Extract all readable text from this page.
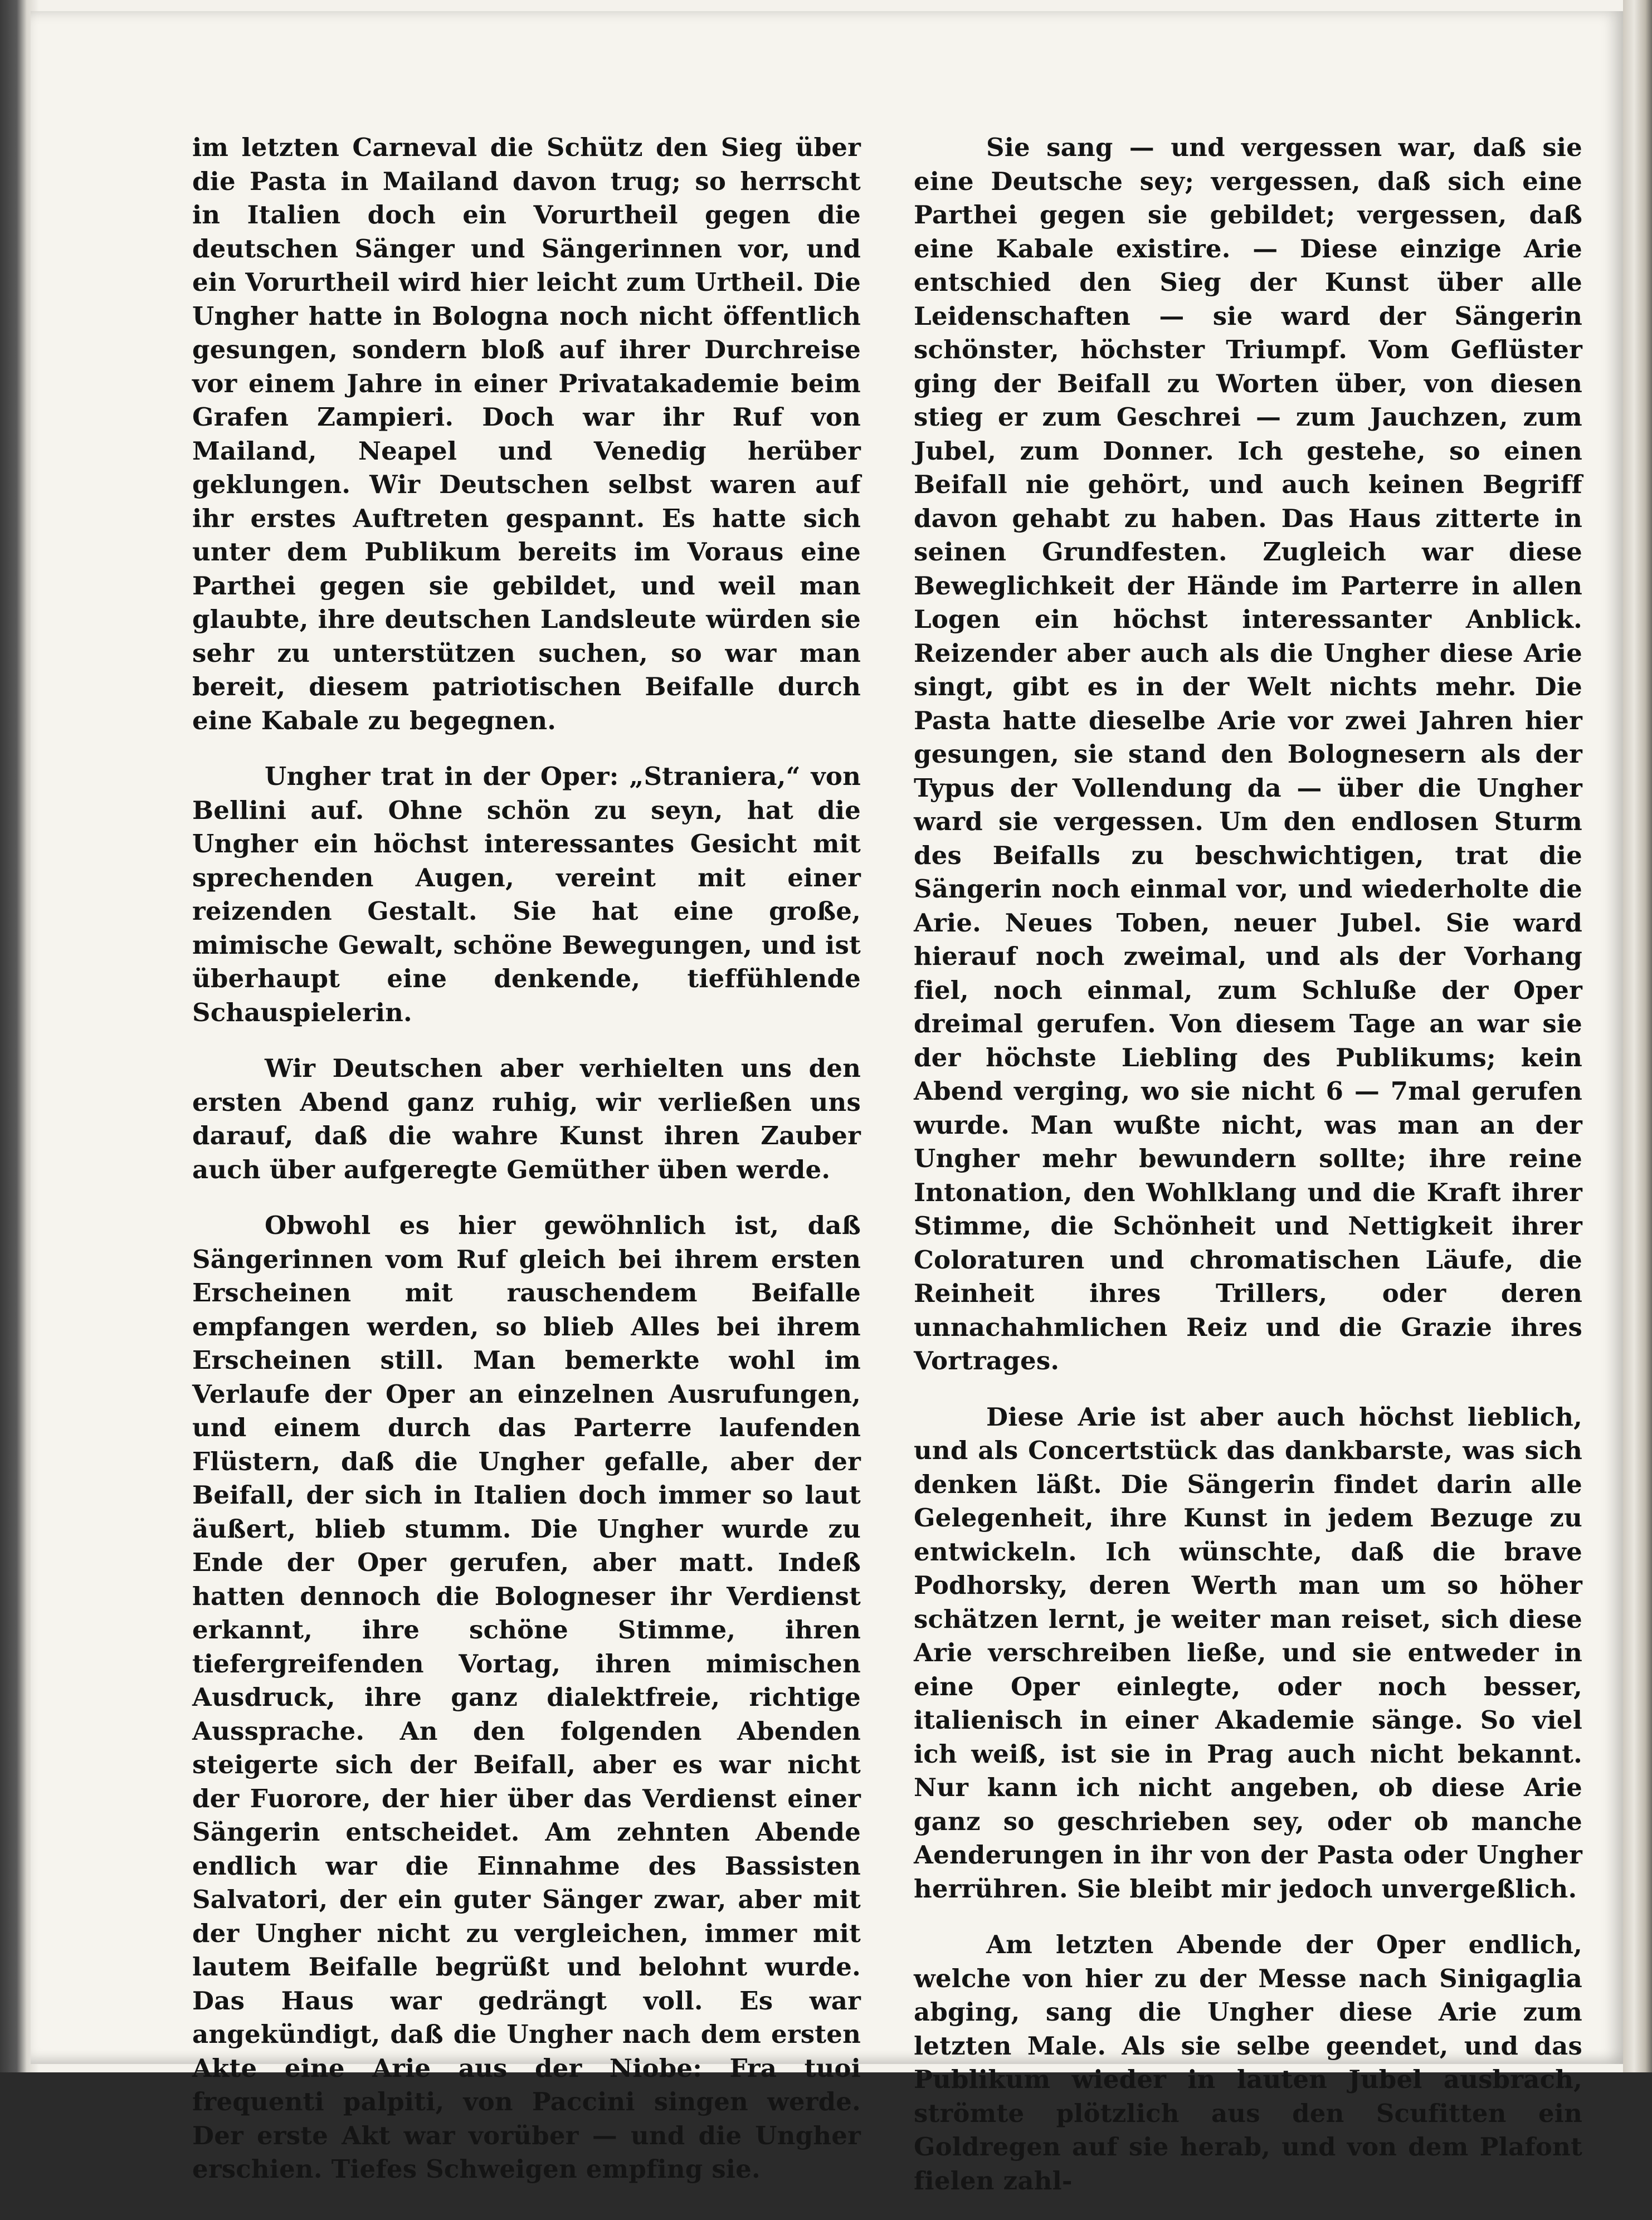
im letzten Carneval die Schütz den Sieg über die Pasta in Mailand davon trug; so herrscht in Italien doch ein Vorurtheil gegen die deutschen Sänger und Sängerinnen vor, und ein Vorurtheil wird hier leicht zum Urtheil. Die Ungher hatte in Bologna noch nicht öffentlich gesungen, sondern bloß auf ihrer Durchreise vor einem Jahre in einer Privatakademie beim Grafen Zampieri. Doch war ihr Ruf von Mailand, Neapel und Venedig herüber geklungen. Wir Deutschen selbst waren auf ihr erstes Auftreten gespannt. Es hatte sich unter dem Publikum bereits im Voraus eine Parthei gegen sie gebildet, und weil man glaubte, ihre deutschen Landsleute würden sie sehr zu unterstützen suchen, so war man bereit, diesem patriotischen Beifalle durch eine Kabale zu begegnen.

Ungher trat in der Oper: „Straniera,“ von Bellini auf. Ohne schön zu seyn, hat die Ungher ein höchst interessantes Gesicht mit sprechenden Augen, vereint mit einer reizenden Gestalt. Sie hat eine große, mimische Gewalt, schöne Bewegungen, und ist überhaupt eine denkende, tieffühlende Schauspielerin.

Wir Deutschen aber verhielten uns den ersten Abend ganz ruhig, wir verließen uns darauf, daß die wahre Kunst ihren Zauber auch über aufgeregte Gemüther üben werde.

Obwohl es hier gewöhnlich ist, daß Sängerinnen vom Ruf gleich bei ihrem ersten Erscheinen mit rauschendem Beifalle empfangen werden, so blieb Alles bei ihrem Erscheinen still. Man bemerkte wohl im Verlaufe der Oper an einzelnen Ausrufungen, und einem durch das Parterre laufenden Flüstern, daß die Ungher gefalle, aber der Beifall, der sich in Italien doch immer so laut äußert, blieb stumm. Die Ungher wurde zu Ende der Oper gerufen, aber matt. Indeß hatten dennoch die Bologneser ihr Verdienst erkannt, ihre schöne Stimme, ihren tiefergreifenden Vortag, ihren mimischen Ausdruck, ihre ganz dialektfreie, richtige Aussprache. An den folgenden Abenden steigerte sich der Beifall, aber es war nicht der Fuorore, der hier über das Verdienst einer Sängerin entscheidet. Am zehnten Abende endlich war die Einnahme des Bassisten Salvatori, der ein guter Sänger zwar, aber mit der Ungher nicht zu vergleichen, immer mit lautem Beifalle begrüßt und belohnt wurde. Das Haus war gedrängt voll. Es war angekündigt, daß die Ungher nach dem ersten Akte eine Arie aus der Niobe: Fra tuoi frequenti palpiti, von Paccini singen werde. Der erste Akt war vorüber — und die Ungher erschien. Tiefes Schweigen empfing sie.

Sie sang — und vergessen war, daß sie eine Deutsche sey; vergessen, daß sich eine Parthei gegen sie gebildet; vergessen, daß eine Kabale existire. — Diese einzige Arie entschied den Sieg der Kunst über alle Leidenschaften — sie ward der Sängerin schönster, höchster Triumpf. Vom Geflüster ging der Beifall zu Worten über, von diesen stieg er zum Geschrei — zum Jauchzen, zum Jubel, zum Donner. Ich gestehe, so einen Beifall nie gehört, und auch keinen Begriff davon gehabt zu haben. Das Haus zitterte in seinen Grundfesten. Zugleich war diese Beweglichkeit der Hände im Parterre in allen Logen ein höchst interessanter Anblick. Reizender aber auch als die Ungher diese Arie singt, gibt es in der Welt nichts mehr. Die Pasta hatte dieselbe Arie vor zwei Jahren hier gesungen, sie stand den Bolognesern als der Typus der Vollendung da — über die Ungher ward sie vergessen. Um den endlosen Sturm des Beifalls zu beschwichtigen, trat die Sängerin noch einmal vor, und wiederholte die Arie. Neues Toben, neuer Jubel. Sie ward hierauf noch zweimal, und als der Vorhang fiel, noch einmal, zum Schluße der Oper dreimal gerufen. Von diesem Tage an war sie der höchste Liebling des Publikums; kein Abend verging, wo sie nicht 6 — 7mal gerufen wurde. Man wußte nicht, was man an der Ungher mehr bewundern sollte; ihre reine Intonation, den Wohlklang und die Kraft ihrer Stimme, die Schönheit und Nettigkeit ihrer Coloraturen und chromatischen Läufe, die Reinheit ihres Trillers, oder deren unnachahmlichen Reiz und die Grazie ihres Vortrages.

Diese Arie ist aber auch höchst lieblich, und als Concertstück das dankbarste, was sich denken läßt. Die Sängerin findet darin alle Gelegenheit, ihre Kunst in jedem Bezuge zu entwickeln. Ich wünschte, daß die brave Podhorsky, deren Werth man um so höher schätzen lernt, je weiter man reiset, sich diese Arie verschreiben ließe, und sie entweder in eine Oper einlegte, oder noch besser, italienisch in einer Akademie sänge. So viel ich weiß, ist sie in Prag auch nicht bekannt. Nur kann ich nicht angeben, ob diese Arie ganz so geschrieben sey, oder ob manche Aenderungen in ihr von der Pasta oder Ungher herrühren. Sie bleibt mir jedoch unvergeßlich.

Am letzten Abende der Oper endlich, welche von hier zu der Messe nach Sinigaglia abging, sang die Ungher diese Arie zum letzten Male. Als sie selbe geendet, und das Publikum wieder in lauten Jubel ausbrach, strömte plötzlich aus den Scufitten ein Goldregen auf sie herab, und von dem Plafont fielen zahl-
